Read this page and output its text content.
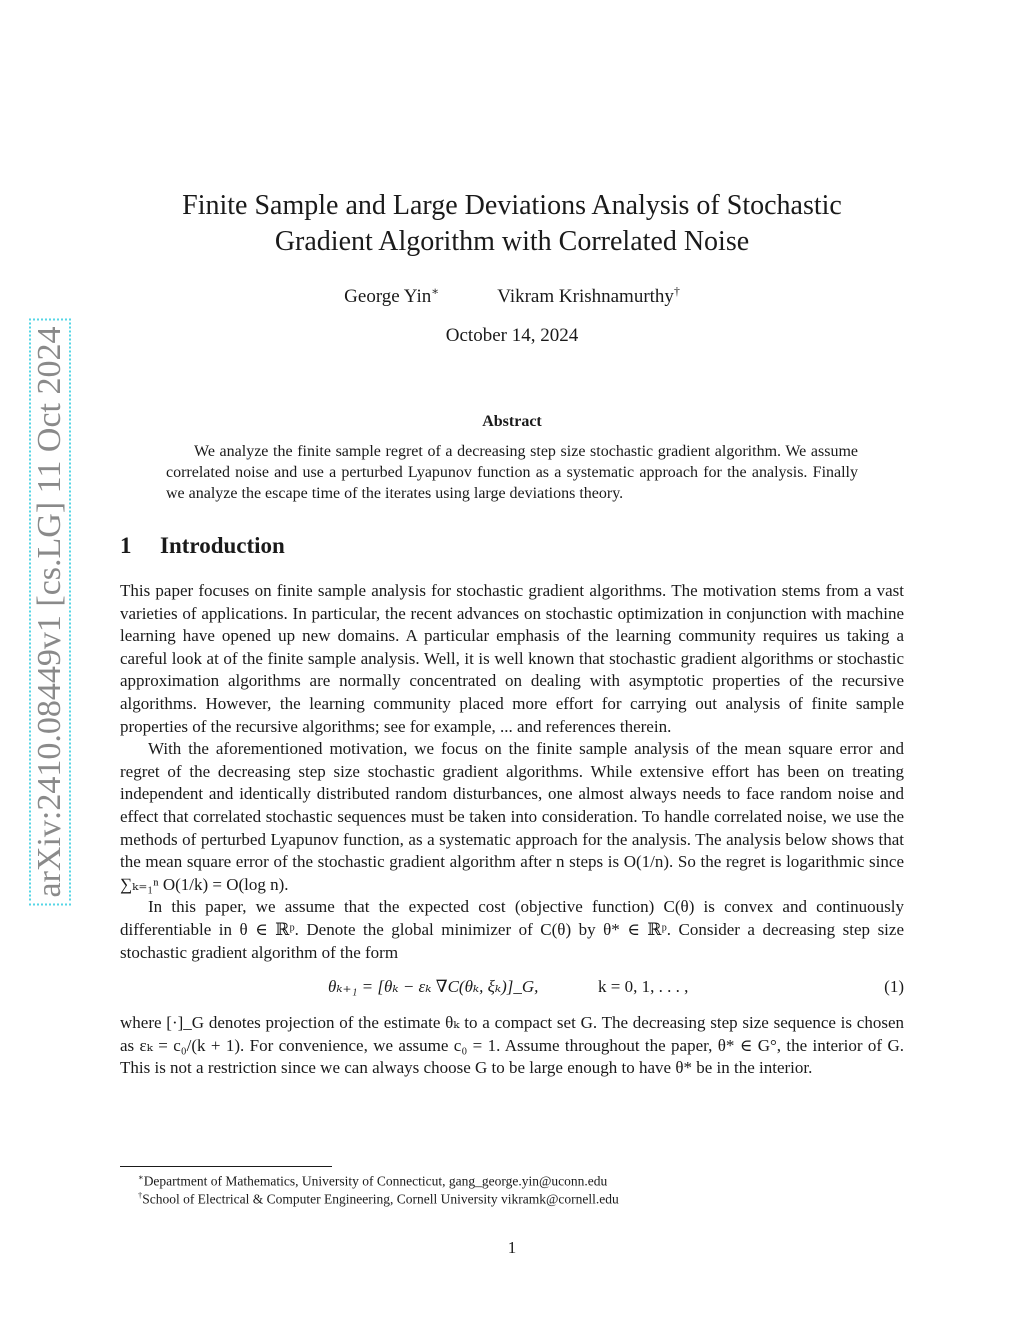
arXiv:2410.08449v1 [cs.LG] 11 Oct 2024
Finite Sample and Large Deviations Analysis of Stochastic
Gradient Algorithm with Correlated Noise
George Yin∗	Vikram Krishnamurthy†
October 14, 2024
Abstract
We analyze the finite sample regret of a decreasing step size stochastic gradient algorithm. We assume correlated noise and use a perturbed Lyapunov function as a systematic approach for the analysis. Finally we analyze the escape time of the iterates using large deviations theory.
1 Introduction

This paper focuses on finite sample analysis for stochastic gradient algorithms. The motivation stems from a vast varieties of applications. In particular, the recent advances on stochastic optimization in conjunction with machine learning have opened up new domains. A particular emphasis of the learning community requires us taking a careful look at of the finite sample analysis. Well, it is well known that stochastic gradient algorithms or stochastic approximation algorithms are normally concentrated on dealing with asymptotic properties of the recursive algorithms. However, the learning community placed more effort for carrying out analysis of finite sample properties of the recursive algorithms; see for example, ... and references therein.

With the aforementioned motivation, we focus on the finite sample analysis of the mean square error and regret of the decreasing step size stochastic gradient algorithms. While extensive effort has been on treating independent and identically distributed random disturbances, one almost always needs to face random noise and effect that correlated stochastic sequences must be taken into consideration. To handle correlated noise, we use the methods of perturbed Lyapunov function, as a systematic approach for the analysis. The analysis below shows that the mean square error of the stochastic gradient algorithm after n steps is O(1/n). So the regret is logarithmic since ∑ₖ₌₁ⁿ O(1/k) = O(log n).

In this paper, we assume that the expected cost (objective function) C(θ) is convex and continuously differentiable in θ ∈ ℝᵖ. Denote the global minimizer of C(θ) by θ* ∈ ℝᵖ. Consider a decreasing step size stochastic gradient algorithm of the form

θₖ₊₁ = [θₖ − εₖ ∇C(θₖ, ξₖ)]_G,	k = 0, 1, . . . ,	(1)

where [·]_G denotes projection of the estimate θₖ to a compact set G. The decreasing step size sequence is chosen as εₖ = c₀/(k + 1). For convenience, we assume c₀ = 1. Assume throughout the paper, θ* ∈ G°, the interior of G. This is not a restriction since we can always choose G to be large enough to have θ* be in the interior.

∗Department of Mathematics, University of Connecticut, gang_george.yin@uconn.edu
†School of Electrical & Computer Engineering, Cornell University vikramk@cornell.edu
1
